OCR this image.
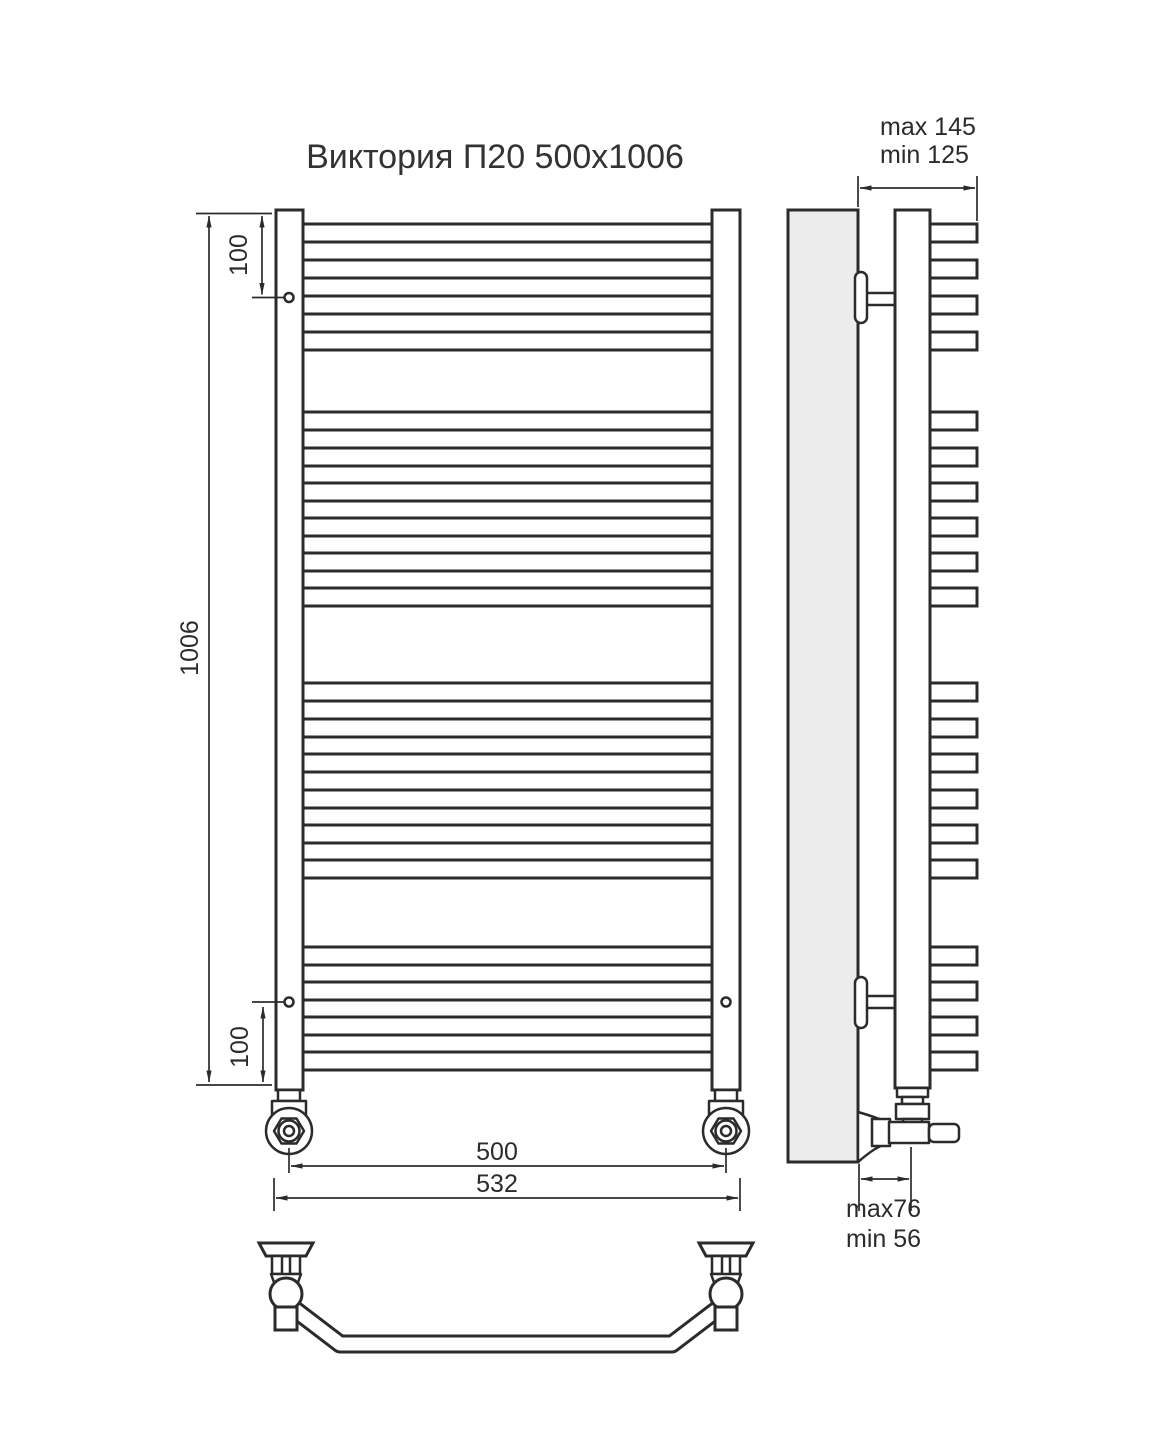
Виктория П20 500x1006
1006
100
100
500
532
max 145
min 125
max76
min 56
